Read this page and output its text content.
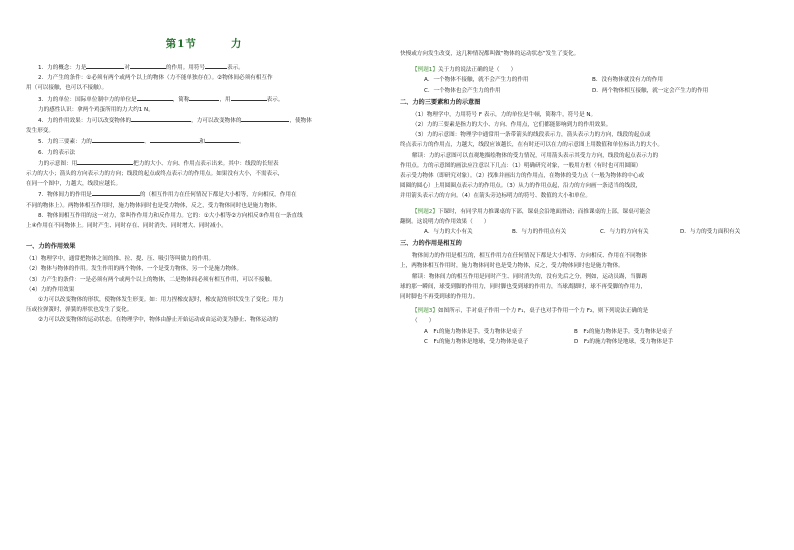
第1节	力
1．力的概念：力是	对	的作用。用符号	表示。
2．力产生的条件：①必须有两个或两个以上的物体（力不能单独存在）。②物体间必须有相互作
用（可以接触，也可以不接触）。
3．力的单位：国际单位制中力的单位是	，简称	，用	表示。
力的感性认识：拿两个鸡蛋所用的力大约1 N。
4．力的作用效果：力可以改变物体的	，力可以改变物体的	，使物体
发生形变。
5．力的三要素：力的	、	和	。
6．力的表示法
力的示意图：用	把力的大小、方向、作用点表示出来。其中：线段的长短表
示力的大小；箭头的方向表示力的方向；线段的起点或终点表示力的作用点。如果没有大小，不需表示，
在同一个图中，力越大，线段应越长。
7．物体间力的作用是	的（相互作用力在任何情况下都是大小相等，方向相反，作用在
不同的物体上）。两物体相互作用时，施力物体同时也是受力物体，反之，受力物体同时也是施力物体。
8．物体间相互作用的这一对力，常叫作作用力和反作用力。它的：①大小相等②方向相反③作用在一条直线
上④作用在不同物体上。同时产生、同时存在、同时消失、同时增大、同时减小。
一、力的作用效果
（1）物理学中，通常把物体之间的推、拉、提、压、吸引等叫做力的作用。
（2）物体与物体的作用。发生作用的两个物体，一个是受力物体，另一个是施力物体。
（3）力产生的条件：一是必须有两个或两个以上的物体，二是物体间必须有相互作用，可以不接触。
（4）力的作用效果
①力可以改变物体的形状，使物体发生形变。如：用力捏橡皮泥时，橡皮泥的形状发生了变化；用力
压或拉弹簧时，弹簧的形状也发生了变化。
②力可以改变物体的运动状态。在物理学中，物体由静止开始运动或由运动变为静止、物体运动的
快慢或方向发生改变，这几种情况都叫做“物体的运动状态”发生了变化。
【例题1】关于力的说法正确的是（　　）
A．一个物体不接触，就不会产生力的作用	B．没有物体就没有力的作用
C．一个物体也会产生力的作用	D．两个物体相互接触，就一定会产生力的作用
二、力的三要素和力的示意图
（1）物理学中，力用符号 F 表示，力的单位是牛顿，简称牛，符号是 N。
（2）力的三要素是指力的大小、方向、作用点，它们都能影响到力的作用效果。
（3）力的示意图：物理学中通常用一条带箭头的线段表示力，箭头表示力的方向，线段的起点或
终点表示力的作用点，力越大，线段应该越长，在有时还可以在力的示意图上用数值和单位标出力的大小。
解读：力的示意图可以直观地描绘物体的受力情况，可用箭头表示其受力方向，线段的起点表示力的
作用点。力的示意图的画法应注意以下几点：（1）明确研究对象，一般用方框（有时也可用圆圈）
表示受力物体（即研究对象）。（2）找准并画出力的作用点，在物体的受力点（一般为物体的中心或
圆圈的圆心）上用圆圈点表示力的作用点。（3）从力的作用点起，沿力的方向画一条适当的线段，
并用箭头表示力的方向。（4）在箭头旁边标明力的符号、数值的大小和单位。
【例题2】下课时，有同学用力推课桌的下部，课桌会沿地面滑动；而推课桌的上部，课桌可能会
翻倒。这说明力的作用效果（　　）
A．与力的大小有关	B．与力的作用点有关	C．与力的方向有关	D．与力的受力面积有关
三、力的作用是相互的
物体间力的作用是相互的，相互作用力在任何情况下都是大小相等、方向相反、作用在不同物体
上，两物体相互作用时，施力物体同时也是受力物体，反之，受力物体同时也是施力物体。
解读：物体间力的相互作用是同时产生、同时消失的，没有先后之分，例如，运动员踢，当脚踢
球的那一瞬间，球受到脚的作用力，同时脚也受到球的作用力，当球离脚时，球不再受脚的作用力，
同时脚也不再受到球的作用力。
【例题3】如图所示，手对桌子作用一个力 F₁，桌子也对手作用一个力 F₂，则下列说法正确的是
（　　）
A　F₁的施力物体是手，受力物体是桌子	B　F₂的施力物体是手，受力物体是桌子
C　F₁的施力物体是地球，受力物体是桌子	D　F₂的施力物体是地球，受力物体是手
